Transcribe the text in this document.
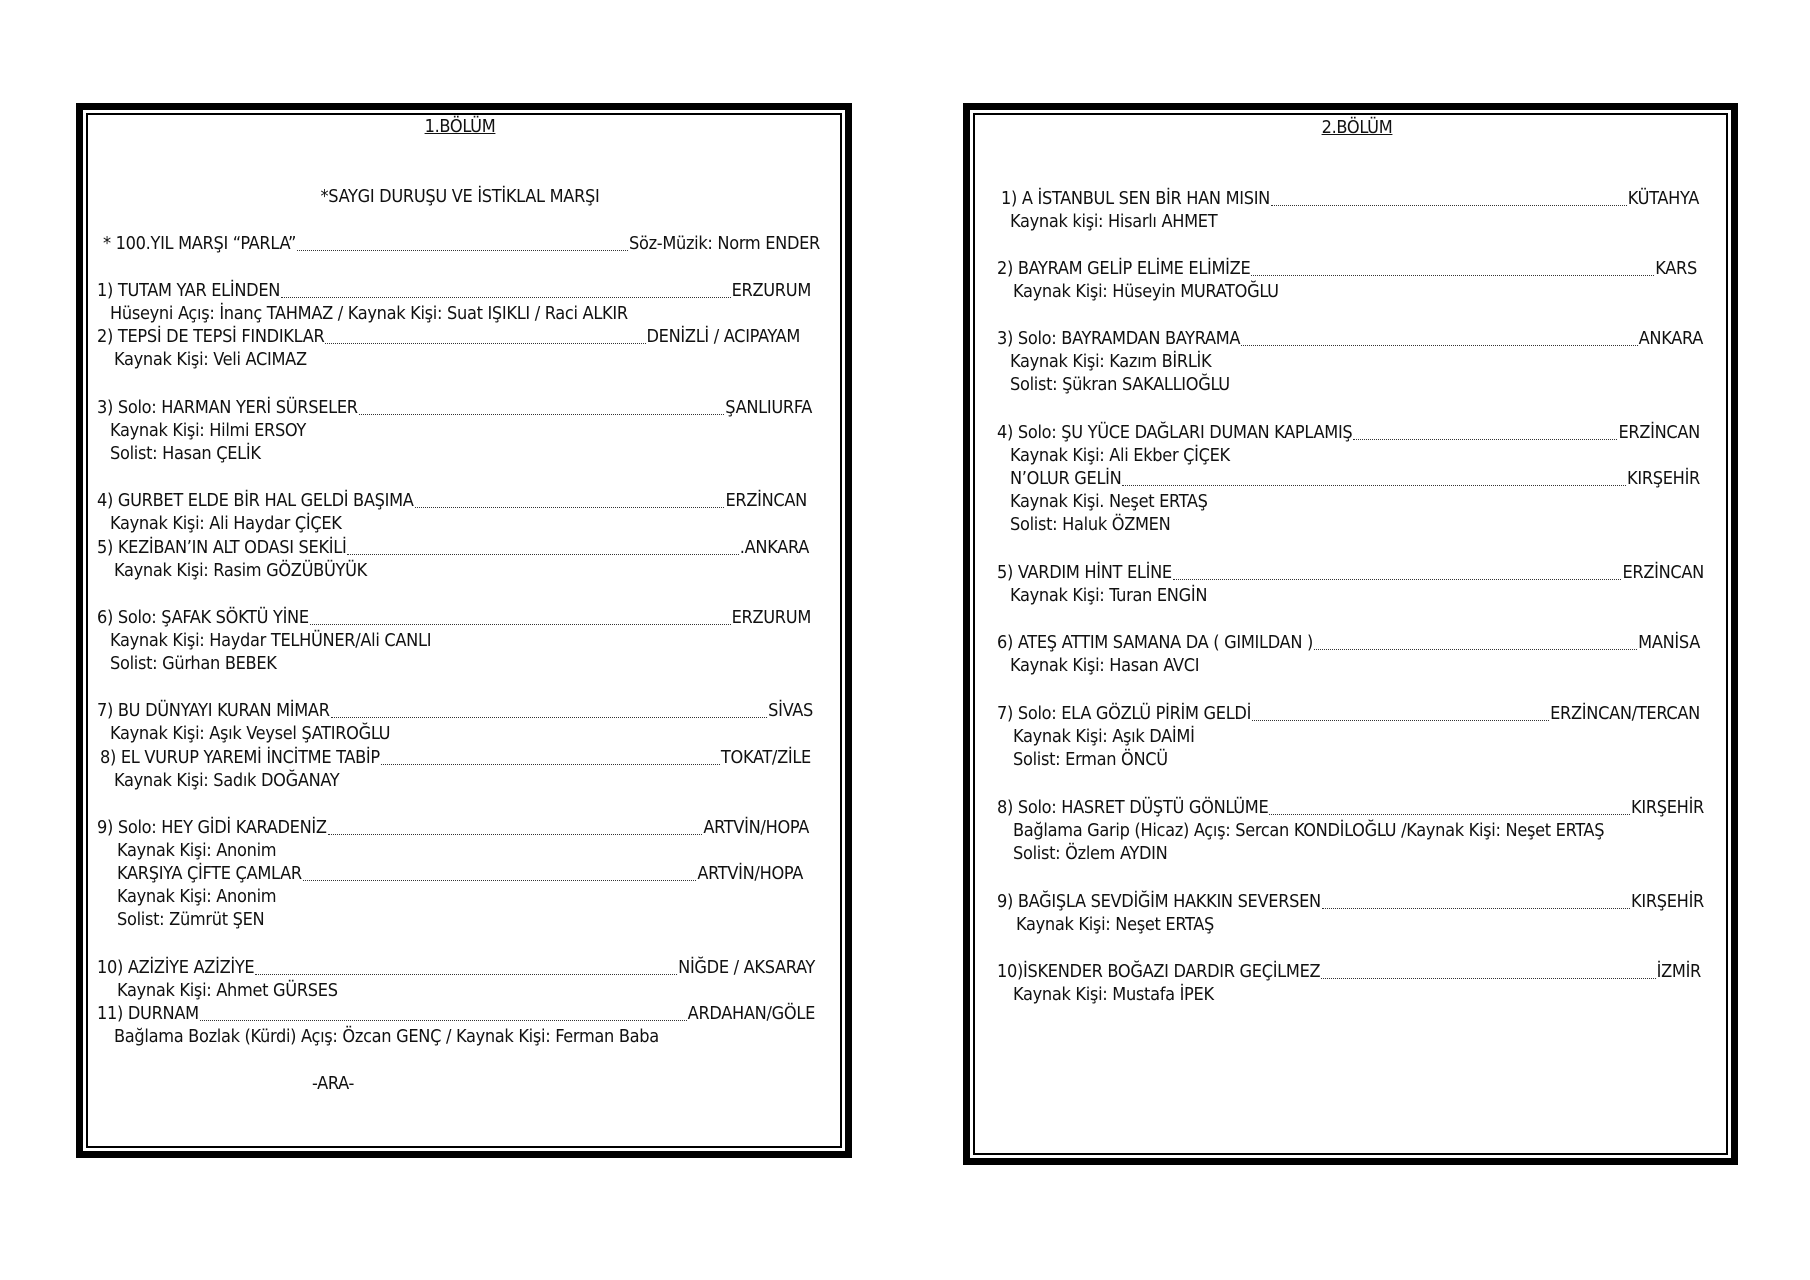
1.BÖLÜM
*SAYGI DURUŞU VE İSTİKLAL MARŞI
* 100.YIL MARŞI “PARLA”	Söz-Müzik: Norm ENDER
1) TUTAM YAR ELİNDEN	ERZURUM
Hüseyni Açış: İnanç TAHMAZ / Kaynak Kişi: Suat IŞIKLI / Raci ALKIR
2) TEPSİ DE TEPSİ FINDIKLAR	DENİZLİ / ACIPAYAM
Kaynak Kişi: Veli ACIMAZ
3) Solo: HARMAN YERİ SÜRSELER	ŞANLIURFA
Kaynak Kişi: Hilmi ERSOY
Solist: Hasan ÇELİK
4) GURBET ELDE BİR HAL GELDİ BAŞIMA	ERZİNCAN
Kaynak Kişi: Ali Haydar ÇİÇEK
5) KEZİBAN’IN ALT ODASI SEKİLİ	.ANKARA
Kaynak Kişi: Rasim GÖZÜBÜYÜK
6) Solo: ŞAFAK SÖKTÜ YİNE	ERZURUM
Kaynak Kişi: Haydar TELHÜNER/Ali CANLI
Solist: Gürhan BEBEK
7) BU DÜNYAYI KURAN MİMAR	SİVAS
Kaynak Kişi: Aşık Veysel ŞATIROĞLU
8) EL VURUP YAREMİ İNCİTME TABİP	TOKAT/ZİLE
Kaynak Kişi: Sadık DOĞANAY
9) Solo: HEY GİDİ KARADENİZ	ARTVİN/HOPA
Kaynak Kişi: Anonim
KARŞIYA ÇİFTE ÇAMLAR	ARTVİN/HOPA
Kaynak Kişi: Anonim
Solist: Zümrüt ŞEN
10) AZİZİYE AZİZİYE	NİĞDE / AKSARAY
Kaynak Kişi: Ahmet GÜRSES
11) DURNAM	ARDAHAN/GÖLE
Bağlama Bozlak (Kürdi) Açış: Özcan GENÇ / Kaynak Kişi: Ferman Baba
-ARA-
2.BÖLÜM
1) A İSTANBUL SEN BİR HAN MISIN	KÜTAHYA
Kaynak kişi: Hisarlı AHMET
2) BAYRAM GELİP ELİME ELİMİZE	KARS
Kaynak Kişi: Hüseyin MURATOĞLU
3) Solo: BAYRAMDAN BAYRAMA	ANKARA
Kaynak Kişi: Kazım BİRLİK
Solist: Şükran SAKALLIOĞLU
4) Solo: ŞU YÜCE DAĞLARI DUMAN KAPLAMIŞ	ERZİNCAN
Kaynak Kişi: Ali Ekber ÇİÇEK
N’OLUR GELİN	KIRŞEHİR
Kaynak Kişi. Neşet ERTAŞ
Solist: Haluk ÖZMEN
5) VARDIM HİNT ELİNE	ERZİNCAN
Kaynak Kişi: Turan ENGİN
6) ATEŞ ATTIM SAMANA DA ( GIMILDAN )	MANİSA
Kaynak Kişi: Hasan AVCI
7) Solo: ELA GÖZLÜ PİRİM GELDİ	ERZİNCAN/TERCAN
Kaynak Kişi: Aşık DAİMİ
Solist: Erman ÖNCÜ
8) Solo: HASRET DÜŞTÜ GÖNLÜME	KIRŞEHİR
Bağlama Garip (Hicaz) Açış: Sercan KONDİLOĞLU /Kaynak Kişi: Neşet ERTAŞ
Solist: Özlem AYDIN
9) BAĞIŞLA SEVDİĞİM HAKKIN SEVERSEN	KIRŞEHİR
Kaynak Kişi: Neşet ERTAŞ
10)İSKENDER BOĞAZI DARDIR GEÇİLMEZ	İZMİR
Kaynak Kişi: Mustafa İPEK
